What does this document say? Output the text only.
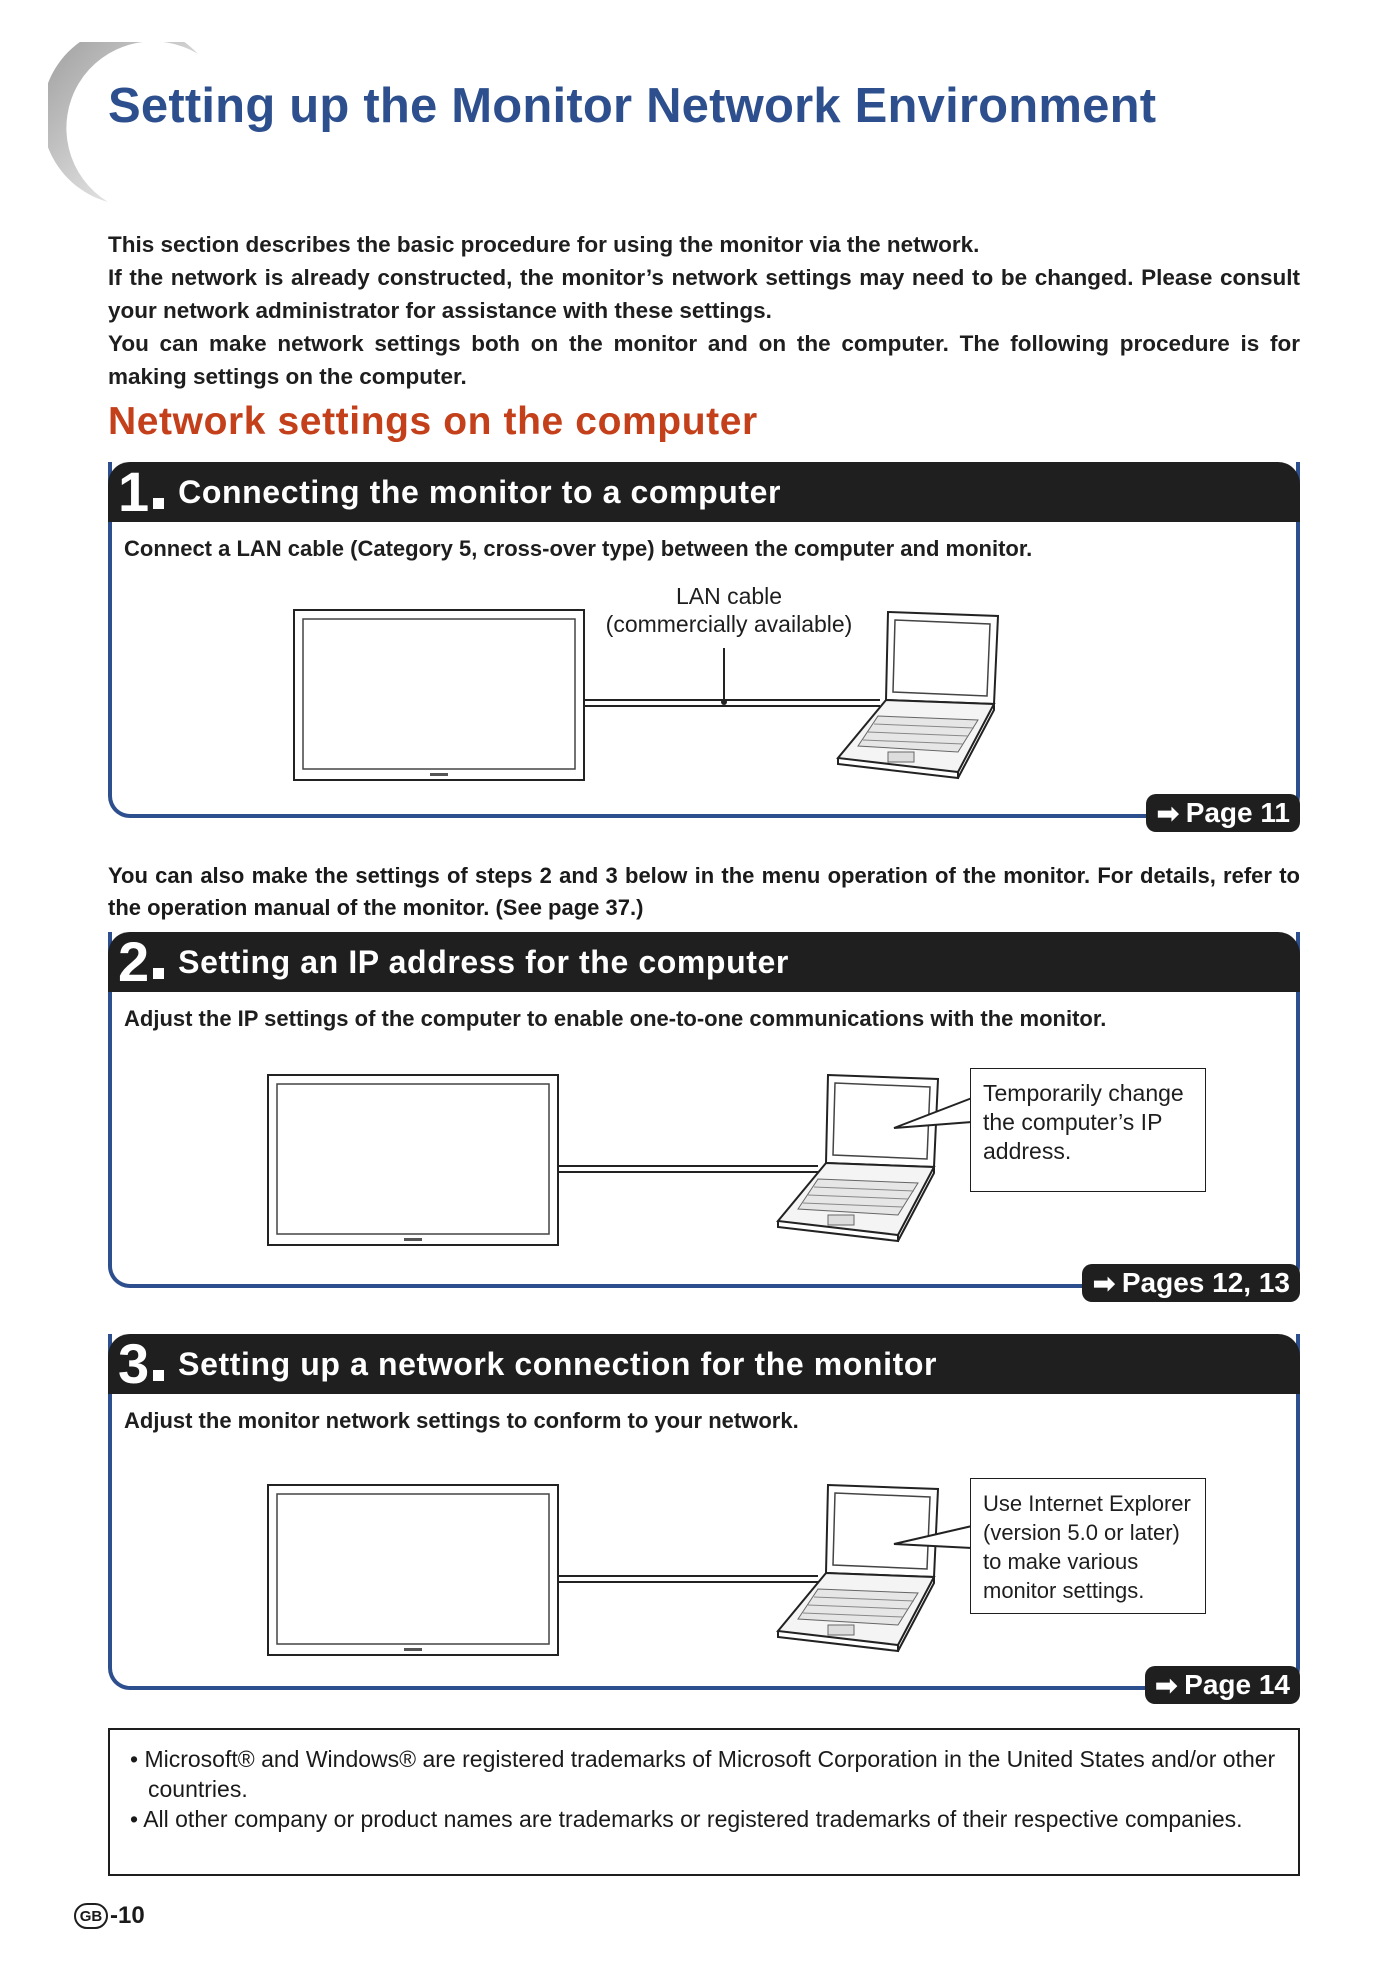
Setting up the Monitor Network Environment

This section describes the basic procedure for using the monitor via the network.

If the network is already constructed, the monitor’s network settings may need to be changed. Please consult your network administrator for assistance with these settings.

You can make network settings both on the monitor and on the computer. The following procedure is for making settings on the computer.

Network settings on the computer
1 Connecting the monitor to a computer
Connect a LAN cable (Category 5, cross-over type) between the computer and monitor.
➡ Page 11

You can also make the settings of steps 2 and 3 below in the menu operation of the monitor. For details, refer to the operation manual of the monitor. (See page 37.)

2 Setting an IP address for the computer
Adjust the IP settings of the computer to enable one-to-one communications with the monitor.
➡ Pages 12, 13
3 Setting up a network connection for the monitor
Adjust the monitor network settings to conform to your network.
➡ Page 14
LAN cable
(commercially available)
Temporarily change
the computer’s IP
address.
Use Internet Explorer
(version 5.0 or later)
to make various
monitor settings.

• Microsoft® and Windows® are registered trademarks of Microsoft Corporation in the United States and/or other countries.

• All other company or product names are trademarks or registered trademarks of their respective companies.

GB -10
